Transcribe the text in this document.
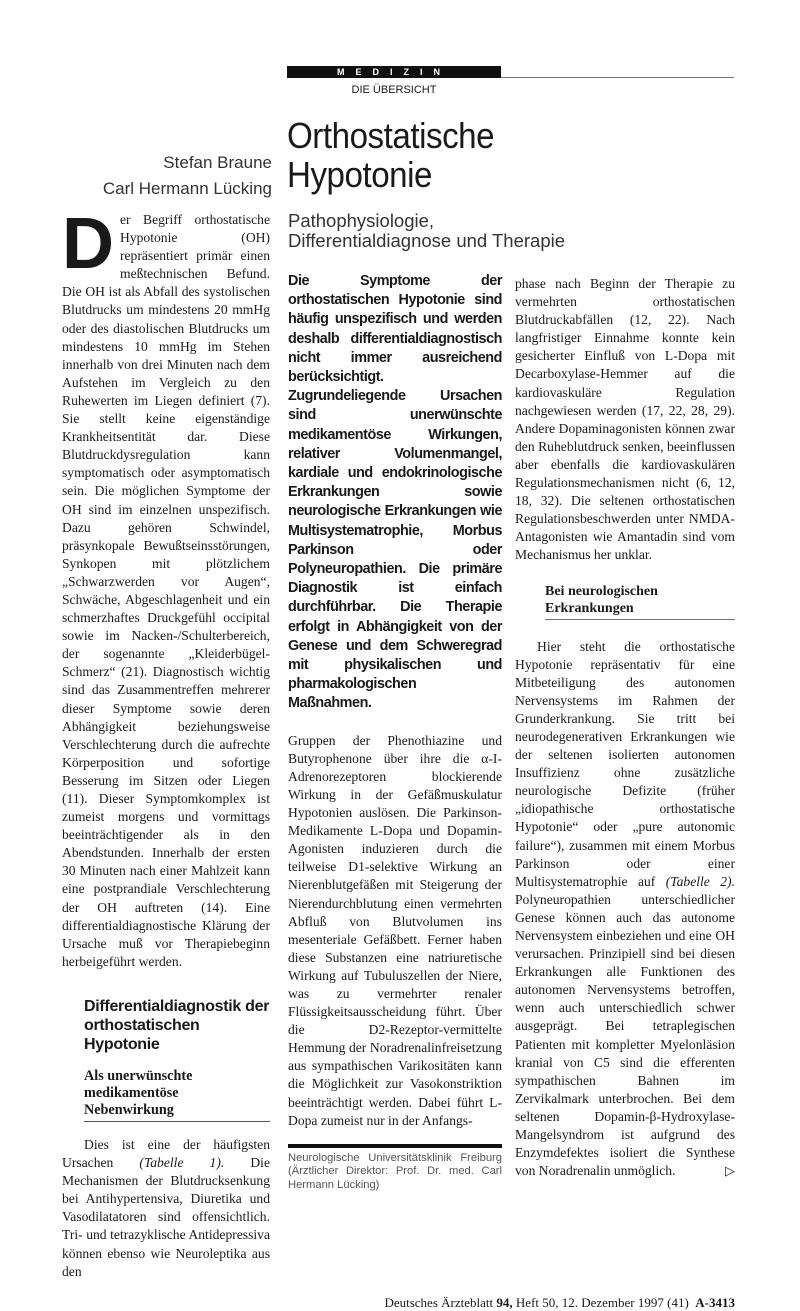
MEDIZIN
DIE ÜBERSICHT
Orthostatische
Hypotonie
Pathophysiologie,
Differentialdiagnose und Therapie
Stefan Braune
Carl Hermann Lücking
Der Begriff orthostatische Hypotonie (OH) repräsentiert primär einen meßtechnischen Befund. Die OH ist als Abfall des systolischen Blutdrucks um mindestens 20 mmHg oder des diastolischen Blutdrucks um mindestens 10 mmHg im Stehen innerhalb von drei Minuten nach dem Aufstehen im Vergleich zu den Ruhewerten im Liegen definiert (7). Sie stellt keine eigenständige Krankheitsentität dar. Diese Blutdruckdysregulation kann symptomatisch oder asymptomatisch sein. Die möglichen Symptome der OH sind im einzelnen unspezifisch. Dazu gehören Schwindel, präsynkopale Bewußtseinsstörungen, Synkopen mit plötzlichem „Schwarzwerden vor Augen“, Schwäche, Abgeschlagenheit und ein schmerzhaftes Druckgefühl occipital sowie im Nacken-/Schulterbereich, der sogenannte „Kleiderbügel-Schmerz“ (21). Diagnostisch wichtig sind das Zusammentreffen mehrerer dieser Symptome sowie deren Abhängigkeit beziehungsweise Verschlechterung durch die aufrechte Körperposition und sofortige Besserung im Sitzen oder Liegen (11). Dieser Symptomkomplex ist zumeist morgens und vormittags beeinträchtigender als in den Abendstunden. Innerhalb der ersten 30 Minuten nach einer Mahlzeit kann eine postprandiale Verschlechterung der OH auftreten (14). Eine differentialdiagnostische Klärung der Ursache muß vor Therapiebeginn herbeigeführt werden.
Differentialdiagnostik der orthostatischen Hypotonie
Als unerwünschte medikamentöse Nebenwirkung

Dies ist eine der häufigsten Ursachen (Tabelle 1). Die Mechanismen der Blutdrucksenkung bei Antihypertensiva, Diuretika und Vasodilatatoren sind offensichtlich. Tri- und tetrazyklische Antidepressiva können ebenso wie Neuroleptika aus den

Die Symptome der orthostatischen Hypotonie sind häufig unspezifisch und werden deshalb differentialdiagnostisch nicht immer ausreichend berücksichtigt. Zugrundeliegende Ursachen sind unerwünschte medikamentöse Wirkungen, relativer Volumenmangel, kardiale und endokrinologische Erkrankungen sowie neurologische Erkrankungen wie Multisystematrophie, Morbus Parkinson oder Polyneuropathien. Die primäre Diagnostik ist einfach durchführbar. Die Therapie erfolgt in Abhängigkeit von der Genese und dem Schweregrad mit physikalischen und pharmakologischen Maßnahmen.
Gruppen der Phenothiazine und Butyrophenone über ihre die α-I-Adrenorezeptoren blockierende Wirkung in der Gefäßmuskulatur Hypotonien auslösen. Die Parkinson-Medikamente L-Dopa und Dopamin-Agonisten induzieren durch die teilweise D1-selektive Wirkung an Nierenblutgefäßen mit Steigerung der Nierendurchblutung einen vermehrten Abfluß von Blutvolumen ins mesenteriale Gefäßbett. Ferner haben diese Substanzen eine natriuretische Wirkung auf Tubuluszellen der Niere, was zu vermehrter renaler Flüssigkeitsausscheidung führt. Über die D2-Rezeptor-vermittelte Hemmung der Noradrenalinfreisetzung aus sympathischen Varikositäten kann die Möglichkeit zur Vasokonstriktion beeinträchtigt werden. Dabei führt L-Dopa zumeist nur in der Anfangs-
Neurologische Universitätsklinik Freiburg (Ärztlicher Direktor: Prof. Dr. med. Carl Hermann Lücking)
phase nach Beginn der Therapie zu vermehrten orthostatischen Blutdruckabfällen (12, 22). Nach langfristiger Einnahme konnte kein gesicherter Einfluß von L-Dopa mit Decarboxylase-Hemmer auf die kardiovaskuläre Regulation nachgewiesen werden (17, 22, 28, 29). Andere Dopaminagonisten können zwar den Ruheblutdruck senken, beeinflussen aber ebenfalls die kardiovaskulären Regulationsmechanismen nicht (6, 12, 18, 32). Die seltenen orthostatischen Regulationsbeschwerden unter NMDA-Antagonisten wie Amantadin sind vom Mechanismus her unklar.
Bei neurologischen Erkrankungen

Hier steht die orthostatische Hypotonie repräsentativ für eine Mitbeteiligung des autonomen Nervensystems im Rahmen der Grunderkrankung. Sie tritt bei neurodegenerativen Erkrankungen wie der seltenen isolierten autonomen Insuffizienz ohne zusätzliche neurologische Defizite (früher „idiopathische orthostatische Hypotonie“ oder „pure autonomic failure“), zusammen mit einem Morbus Parkinson oder einer Multisystematrophie auf (Tabelle 2). Polyneuropathien unterschiedlicher Genese können auch das autonome Nervensystem einbeziehen und eine OH verursachen. Prinzipiell sind bei diesen Erkrankungen alle Funktionen des autonomen Nervensystems betroffen, wenn auch unterschiedlich schwer ausgeprägt. Bei tetraplegischen Patienten mit kompletter Myelonläsion kranial von C5 sind die efferenten sympathischen Bahnen im Zervikalmark unterbrochen. Bei dem seltenen Dopamin-β-Hydroxylase-Mangelsyndrom ist aufgrund des Enzymdefektes isoliert die Synthese von Noradrenalin unmöglich.	▷

Deutsches Ärzteblatt 94, Heft 50, 12. Dezember 1997 (41) A-3413
